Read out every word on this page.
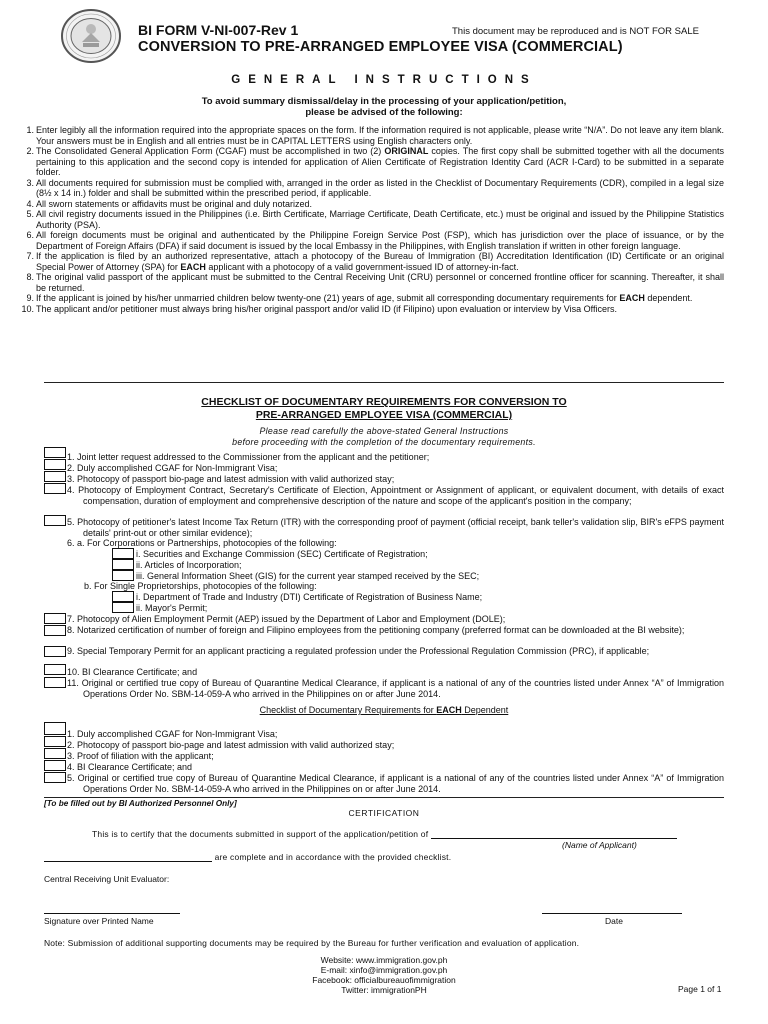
BI FORM V-NI-007-Rev 1	This document may be reproduced and is NOT FOR SALE
CONVERSION TO PRE-ARRANGED EMPLOYEE VISA (COMMERCIAL)
GENERAL INSTRUCTIONS
To avoid summary dismissal/delay in the processing of your application/petition,
please be advised of the following:
1. Enter legibly all the information required into the appropriate spaces on the form. If the information required is not applicable, please write “N/A”. Do not leave any item blank. Your answers must be in English and all entries must be in CAPITAL LETTERS using English characters only.
2. The Consolidated General Application Form (CGAF) must be accomplished in two (2) ORIGINAL copies. The first copy shall be submitted together with all the documents pertaining to this application and the second copy is intended for application of Alien Certificate of Registration Identity Card (ACR I-Card) to be submitted in a separate folder.
3. All documents required for submission must be complied with, arranged in the order as listed in the Checklist of Documentary Requirements (CDR), compiled in a legal size (8½ x 14 in.) folder and shall be submitted within the prescribed period, if applicable.
4. All sworn statements or affidavits must be original and duly notarized.
5. All civil registry documents issued in the Philippines (i.e. Birth Certificate, Marriage Certificate, Death Certificate, etc.) must be original and issued by the Philippine Statistics Authority (PSA).
6. All foreign documents must be original and authenticated by the Philippine Foreign Service Post (FSP), which has jurisdiction over the place of issuance, or by the Department of Foreign Affairs (DFA) if said document is issued by the local Embassy in the Philippines, with English translation if written in other foreign language.
7. If the application is filed by an authorized representative, attach a photocopy of the Bureau of Immigration (BI) Accreditation Identification (ID) Certificate or an original Special Power of Attorney (SPA) for EACH applicant with a photocopy of a valid government-issued ID of attorney-in-fact.
8. The original valid passport of the applicant must be submitted to the Central Receiving Unit (CRU) personnel or concerned frontline officer for scanning. Thereafter, it shall be returned.
9. If the applicant is joined by his/her unmarried children below twenty-one (21) years of age, submit all corresponding documentary requirements for EACH dependent.
10. The applicant and/or petitioner must always bring his/her original passport and/or valid ID (if Filipino) upon evaluation or interview by Visa Officers.
CHECKLIST OF DOCUMENTARY REQUIREMENTS FOR CONVERSION TO
PRE-ARRANGED EMPLOYEE VISA (COMMERCIAL)
Please read carefully the above-stated General Instructions
before proceeding with the completion of the documentary requirements.
1. Joint letter request addressed to the Commissioner from the applicant and the petitioner;
2. Duly accomplished CGAF for Non-Immigrant Visa;
3. Photocopy of passport bio-page and latest admission with valid authorized stay;
4. Photocopy of Employment Contract, Secretary's Certificate of Election, Appointment or Assignment of applicant, or equivalent document, with details of exact compensation, duration of employment and comprehensive description of the nature and scope of the applicant's position in the company;
5. Photocopy of petitioner's latest Income Tax Return (ITR) with the corresponding proof of payment (official receipt, bank teller's validation slip, BIR's eFPS payment details' print-out or other similar evidence);
6. a. For Corporations or Partnerships, photocopies of the following:
i. Securities and Exchange Commission (SEC) Certificate of Registration;
ii. Articles of Incorporation;
iii. General Information Sheet (GIS) for the current year stamped received by the SEC;
b. For Single Proprietorships, photocopies of the following:
i. Department of Trade and Industry (DTI) Certificate of Registration of Business Name;
ii. Mayor's Permit;
7. Photocopy of Alien Employment Permit (AEP) issued by the Department of Labor and Employment (DOLE);
8. Notarized certification of number of foreign and Filipino employees from the petitioning company (preferred format can be downloaded at the BI website);
9. Special Temporary Permit for an applicant practicing a regulated profession under the Professional Regulation Commission (PRC), if applicable;
10. BI Clearance Certificate; and
11. Original or certified true copy of Bureau of Quarantine Medical Clearance, if applicant is a national of any of the countries listed under Annex “A” of Immigration Operations Order No. SBM-14-059-A who arrived in the Philippines on or after June 2014.
Checklist of Documentary Requirements for EACH Dependent
1. Duly accomplished CGAF for Non-Immigrant Visa;
2. Photocopy of passport bio-page and latest admission with valid authorized stay;
3. Proof of filiation with the applicant;
4. BI Clearance Certificate; and
5. Original or certified true copy of Bureau of Quarantine Medical Clearance, if applicant is a national of any of the countries listed under Annex “A” of Immigration Operations Order No. SBM-14-059-A who arrived in the Philippines on or after June 2014.
[To be filled out by BI Authorized Personnel Only]
CERTIFICATION
This is to certify that the documents submitted in support of the application/petition of
(Name of Applicant)
are complete and in accordance with the provided checklist.
Central Receiving Unit Evaluator:
Signature over Printed Name	Date
Note: Submission of additional supporting documents may be required by the Bureau for further verification and evaluation of application.
Website: www.immigration.gov.ph
E-mail: xinfo@immigration.gov.ph
Facebook: officialbureauofimmigration
Twitter: immigrationPH	Page 1 of 1
